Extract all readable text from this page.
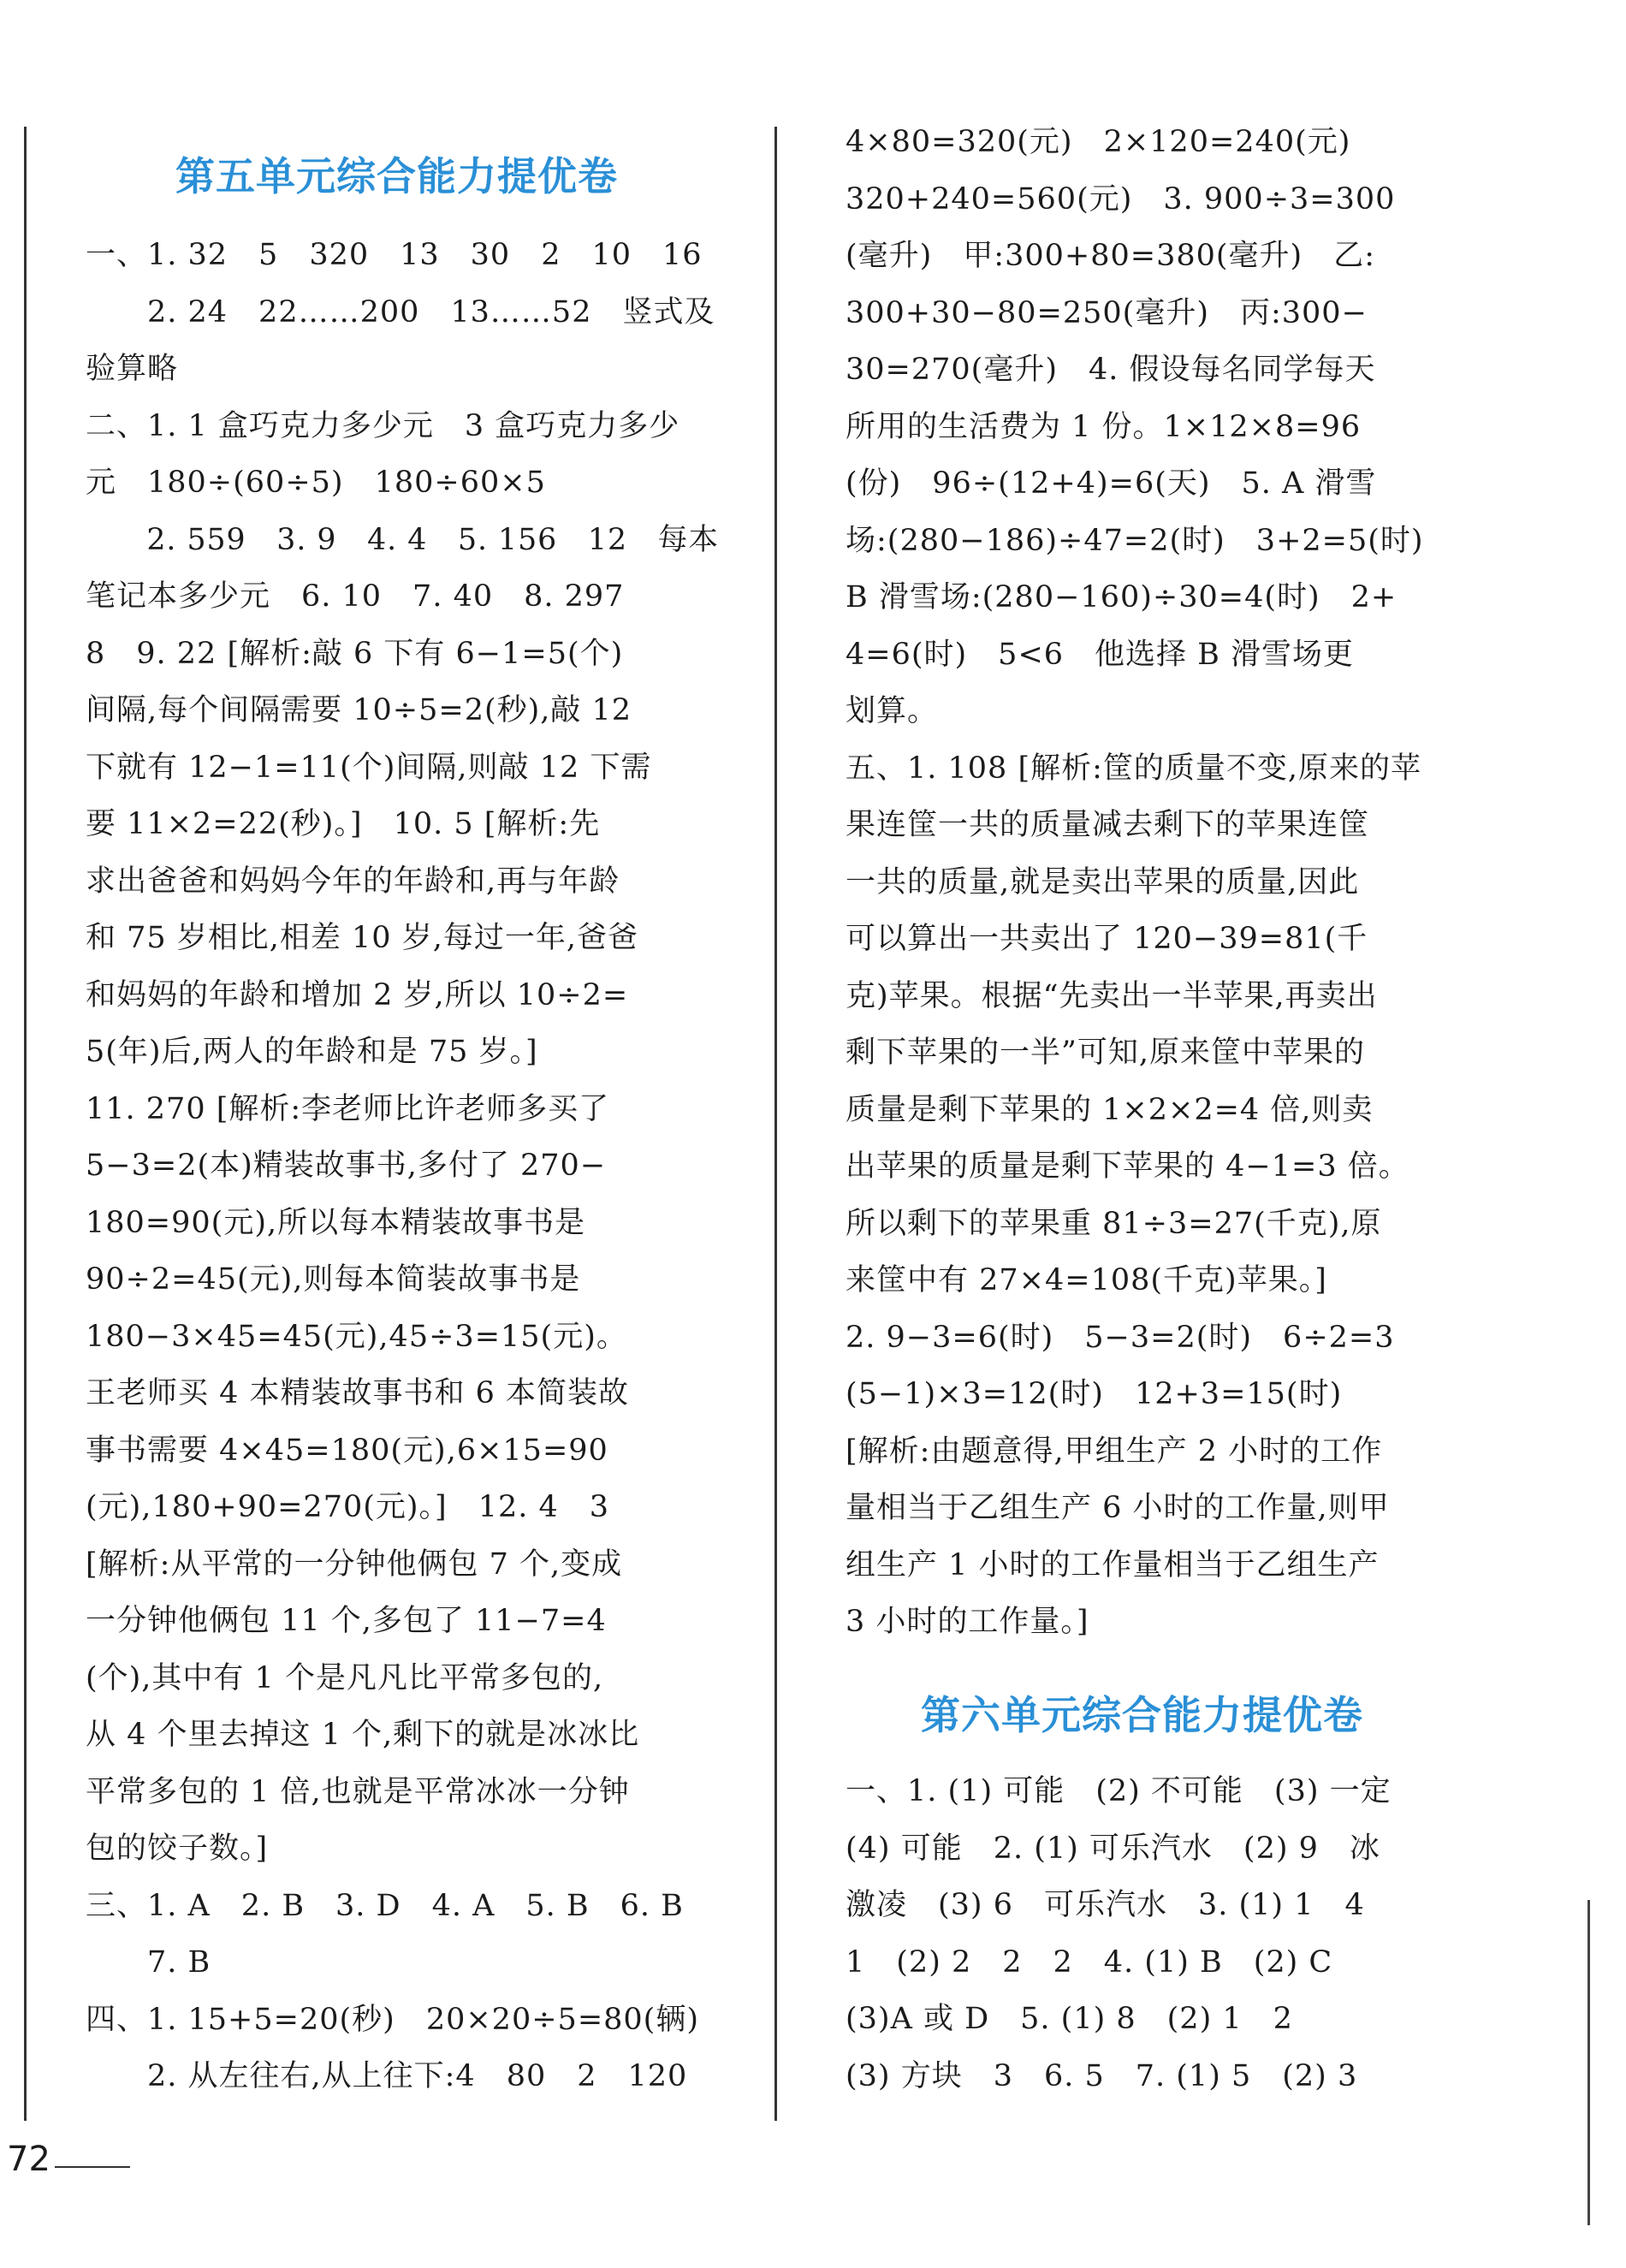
第五单元综合能力提优卷
一、1. 32　5　320　13　30　2　10　16
　　2. 24　22……200　13……52　竖式及
验算略
二、1. 1 盒巧克力多少元　3 盒巧克力多少
元　180÷(60÷5)　180÷60×5
　　2. 559　3. 9　4. 4　5. 156　12　每本
笔记本多少元　6. 10　7. 40　8. 297
8　9. 22 [解析:敲 6 下有 6−1=5(个)
间隔,每个间隔需要 10÷5=2(秒),敲 12
下就有 12−1=11(个)间隔,则敲 12 下需
要 11×2=22(秒)。]　10. 5 [解析:先
求出爸爸和妈妈今年的年龄和,再与年龄
和 75 岁相比,相差 10 岁,每过一年,爸爸
和妈妈的年龄和增加 2 岁,所以 10÷2=
5(年)后,两人的年龄和是 75 岁。]
11. 270 [解析:李老师比许老师多买了
5−3=2(本)精装故事书,多付了 270−
180=90(元),所以每本精装故事书是
90÷2=45(元),则每本简装故事书是
180−3×45=45(元),45÷3=15(元)。
王老师买 4 本精装故事书和 6 本简装故
事书需要 4×45=180(元),6×15=90
(元),180+90=270(元)。]　12. 4　3
[解析:从平常的一分钟他俩包 7 个,变成
一分钟他俩包 11 个,多包了 11−7=4
(个),其中有 1 个是凡凡比平常多包的,
从 4 个里去掉这 1 个,剩下的就是冰冰比
平常多包的 1 倍,也就是平常冰冰一分钟
包的饺子数。]
三、1. A　2. B　3. D　4. A　5. B　6. B
　　7. B
四、1. 15+5=20(秒)　20×20÷5=80(辆)
　　2. 从左往右,从上往下:4　80　2　120
4×80=320(元)　2×120=240(元)
320+240=560(元)　3. 900÷3=300
(毫升)　甲:300+80=380(毫升)　乙:
300+30−80=250(毫升)　丙:300−
30=270(毫升)　4. 假设每名同学每天
所用的生活费为 1 份。1×12×8=96
(份)　96÷(12+4)=6(天)　5. A 滑雪
场:(280−186)÷47=2(时)　3+2=5(时)
B 滑雪场:(280−160)÷30=4(时)　2+
4=6(时)　5<6　他选择 B 滑雪场更
划算。
五、1. 108 [解析:筐的质量不变,原来的苹
果连筐一共的质量减去剩下的苹果连筐
一共的质量,就是卖出苹果的质量,因此
可以算出一共卖出了 120−39=81(千
克)苹果。根据“先卖出一半苹果,再卖出
剩下苹果的一半”可知,原来筐中苹果的
质量是剩下苹果的 1×2×2=4 倍,则卖
出苹果的质量是剩下苹果的 4−1=3 倍。
所以剩下的苹果重 81÷3=27(千克),原
来筐中有 27×4=108(千克)苹果。]
2. 9−3=6(时)　5−3=2(时)　6÷2=3
(5−1)×3=12(时)　12+3=15(时)
[解析:由题意得,甲组生产 2 小时的工作
量相当于乙组生产 6 小时的工作量,则甲
组生产 1 小时的工作量相当于乙组生产
3 小时的工作量。]
第六单元综合能力提优卷
一、1. (1) 可能　(2) 不可能　(3) 一定
(4) 可能　2. (1) 可乐汽水　(2) 9　冰
激凌　(3) 6　可乐汽水　3. (1) 1　4
1　(2) 2　2　2　4. (1) B　(2) C
(3)A 或 D　5. (1) 8　(2) 1　2
(3) 方块　3　6. 5　7. (1) 5　(2) 3
72
